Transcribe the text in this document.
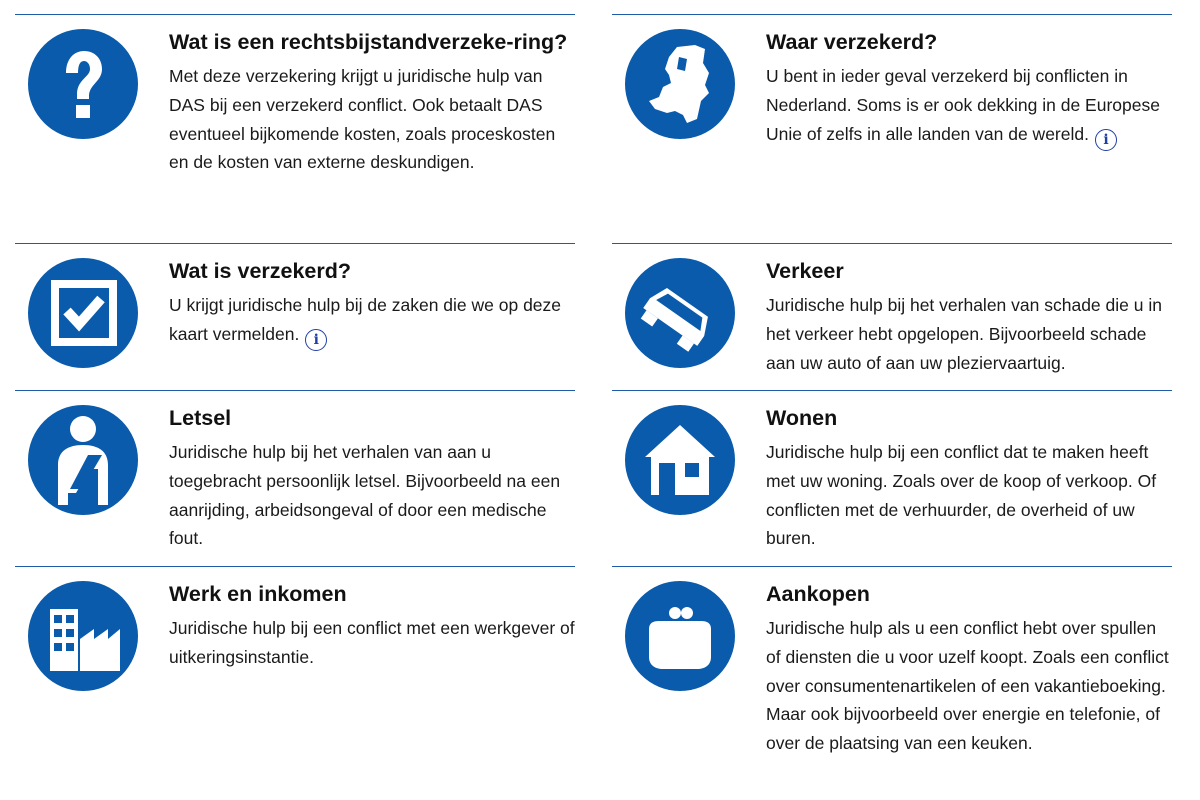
Wat is een rechtsbijstandverzeke-ring?

Met deze verzekering krijgt u juridische hulp van DAS bij een verzekerd conflict. Ook betaalt DAS eventueel bijkomende kosten, zoals proceskosten en de kosten van externe deskundigen.

Wat is verzekerd?

U krijgt juridische hulp bij de zaken die we op deze kaart vermelden. i

Letsel

Juridische hulp bij het verhalen van aan u toegebracht persoonlijk letsel. Bijvoorbeeld na een aanrijding, arbeidsongeval of door een medische fout.

Werk en inkomen

Juridische hulp bij een conflict met een werkgever of uitkeringsinstantie.

Waar verzekerd?

U bent in ieder geval verzekerd bij conflicten in Nederland. Soms is er ook dekking in de Europese Unie of zelfs in alle landen van de wereld. i

Verkeer

Juridische hulp bij het verhalen van schade die u in het verkeer hebt opgelopen. Bijvoorbeeld schade aan uw auto of aan uw pleziervaartuig.

Wonen

Juridische hulp bij een conflict dat te maken heeft met uw woning. Zoals over de koop of verkoop. Of conflicten met de verhuurder, de overheid of uw buren.

Aankopen

Juridische hulp als u een conflict hebt over spullen of diensten die u voor uzelf koopt. Zoals een conflict over consumentenartikelen of een vakantieboeking. Maar ook bijvoorbeeld over energie en telefonie, of over de plaatsing van een keuken.
